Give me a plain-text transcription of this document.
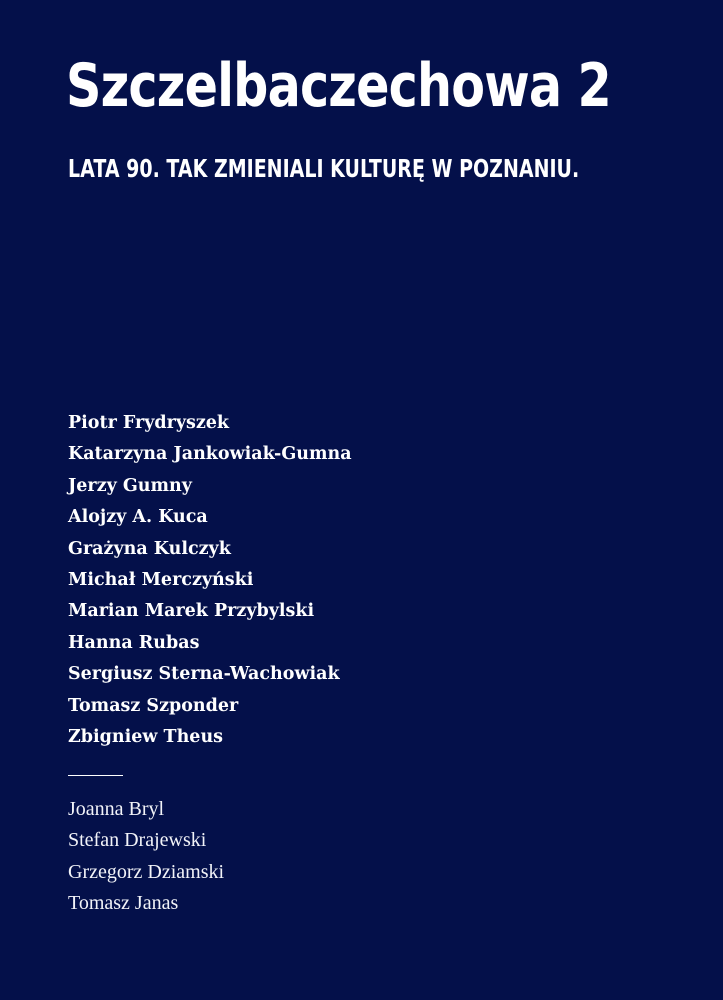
Szczelbaczechowa 2
LATA 90. TAK ZMIENIALI KULTURĘ W POZNANIU.
Piotr Frydryszek
Katarzyna Jankowiak-Gumna
Jerzy Gumny
Alojzy A. Kuca
Grażyna Kulczyk
Michał Merczyński
Marian Marek Przybylski
Hanna Rubas
Sergiusz Sterna-Wachowiak
Tomasz Szponder
Zbigniew Theus
Joanna Bryl
Stefan Drajewski
Grzegorz Dziamski
Tomasz Janas
